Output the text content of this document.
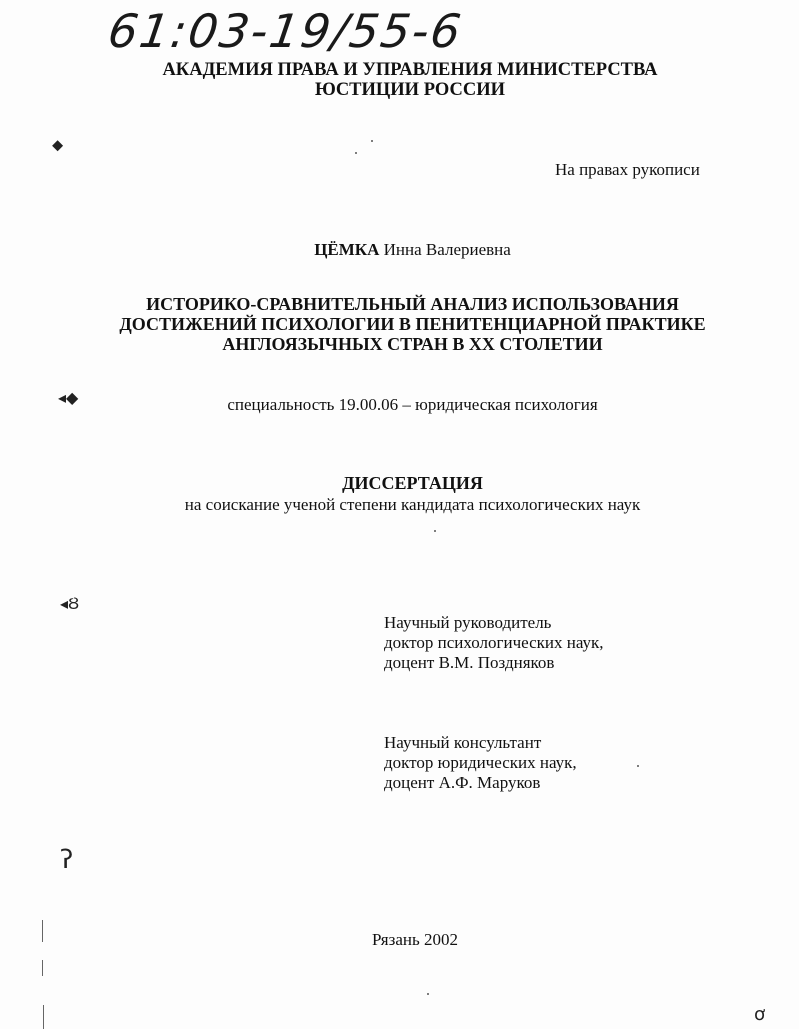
61:03-19/55-6
АКАДЕМИЯ ПРАВА И УПРАВЛЕНИЯ МИНИСТЕРСТВА
ЮСТИЦИИ РОССИИ
На правах рукописи
ЦЁМКА Инна Валериевна
ИСТОРИКО-СРАВНИТЕЛЬНЫЙ АНАЛИЗ ИСПОЛЬЗОВАНИЯ
ДОСТИЖЕНИЙ ПСИХОЛОГИИ В ПЕНИТЕНЦИАРНОЙ ПРАКТИКЕ
АНГЛОЯЗЫЧНЫХ СТРАН В XX СТОЛЕТИИ
специальность 19.00.06 – юридическая психология
ДИССЕРТАЦИЯ
на соискание ученой степени кандидата психологических наук
Научный руководитель
доктор психологических наук,
доцент В.М. Поздняков
Научный консультант
доктор юридических наук,
доцент А.Ф. Маруков
Рязань 2002
⬥
◂◆
◂Ȣ
ʔ
ơ
